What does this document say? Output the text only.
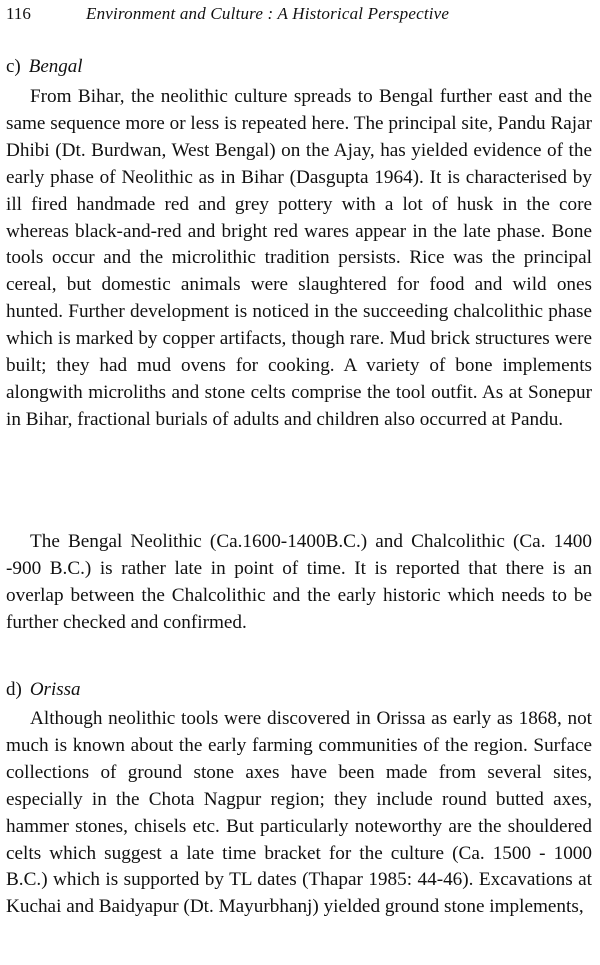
116	Environment and Culture : A Historical Perspective
c) Bengal

From Bihar, the neolithic culture spreads to Bengal further east and the same sequence more or less is repeated here. The principal site, Pandu Rajar Dhibi (Dt. Burdwan, West Bengal) on the Ajay, has yielded evidence of the early phase of Neolithic as in Bihar (Dasgupta 1964). It is characterised by ill fired handmade red and grey pottery with a lot of husk in the core whereas black-and-red and bright red wares appear in the late phase. Bone tools occur and the microlithic tradition persists. Rice was the principal cereal, but domestic animals were slaughtered for food and wild ones hunted. Further development is noticed in the succeeding chalcolithic phase which is marked by copper artifacts, though rare. Mud brick structures were built; they had mud ovens for cooking. A variety of bone implements alongwith microliths and stone celts comprise the tool outfit. As at Sonepur in Bihar, fractional burials of adults and children also occurred at Pandu.

The Bengal Neolithic (Ca.1600-1400B.C.) and Chalcolithic (Ca. 1400 -900 B.C.) is rather late in point of time. It is reported that there is an overlap between the Chalcolithic and the early historic which needs to be further checked and confirmed.

d) Orissa

Although neolithic tools were discovered in Orissa as early as 1868, not much is known about the early farming communities of the region. Surface collections of ground stone axes have been made from several sites, especially in the Chota Nagpur region; they include round butted axes, hammer stones, chisels etc. But particularly noteworthy are the shouldered celts which suggest a late time bracket for the culture (Ca. 1500 - 1000 B.C.) which is supported by TL dates (Thapar 1985: 44-46). Excavations at Kuchai and Baidyapur (Dt. Mayurbhanj) yielded ground stone implements,
